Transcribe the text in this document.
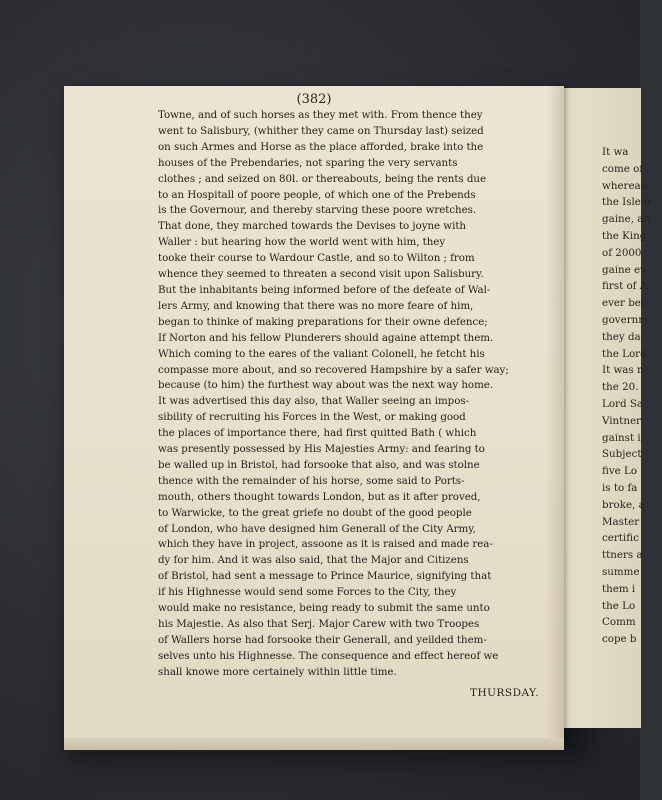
It wa
come of
whereas
the Isle o
gaine, an
the King
of 2000
gaine ev
first of A
ever bei
governm
they da
the Lord
It was n
the 20.
Lord Sa
Vintner
gainst i
Subject
five Lo
is to fa
broke, a
Master
certific
ttners a
summe
them i
the Lo
Comm
cope b
(382)
Towne, and of such horses as they met with. From thence they
went to Salisbury, (whither they came on Thursday last) seized
on such Armes and Horse as the place afforded, brake into the
houses of the Prebendaries, not sparing the very servants
clothes ; and seized on 80l. or thereabouts, being the rents due
to an Hospitall of poore people, of which one of the Prebends
is the Governour, and thereby starving these poore wretches.
That done, they marched towards the Devises to joyne with
Waller : but hearing how the world went with him, they
tooke their course to Wardour Castle, and so to Wilton ; from
whence they seemed to threaten a second visit upon Salisbury.
But the inhabitants being informed before of the defeate of Wal-
lers Army, and knowing that there was no more feare of him,
began to thinke of making preparations for their owne defence;
If Norton and his fellow Plunderers should againe attempt them.
Which coming to the eares of the valiant Colonell, he fetcht his
compasse more about, and so recovered Hampshire by a safer way;
because (to him) the furthest way about was the next way home.
It was advertised this day also, that Waller seeing an impos-
sibility of recruiting his Forces in the West, or making good
the places of importance there, had first quitted Bath ( which
was presently possessed by His Majesties Army: and fearing to
be walled up in Bristol, had forsooke that also, and was stolne
thence with the remainder of his horse, some said to Ports-
mouth, others thought towards London, but as it after proved,
to Warwicke, to the great griefe no doubt of the good people
of London, who have designed him Generall of the City Army,
which they have in project, assoone as it is raised and made rea-
dy for him. And it was also said, that the Major and Citizens
of Bristol, had sent a message to Prince Maurice, signifying that
if his Highnesse would send some Forces to the City, they
would make no resistance, being ready to submit the same unto
his Majestie. As also that Serj. Major Carew with two Troopes
of Wallers horse had forsooke their Generall, and yeilded them-
selves unto his Highnesse. The consequence and effect hereof we
shall knowe more certainely within little time.
THURSDAY.
